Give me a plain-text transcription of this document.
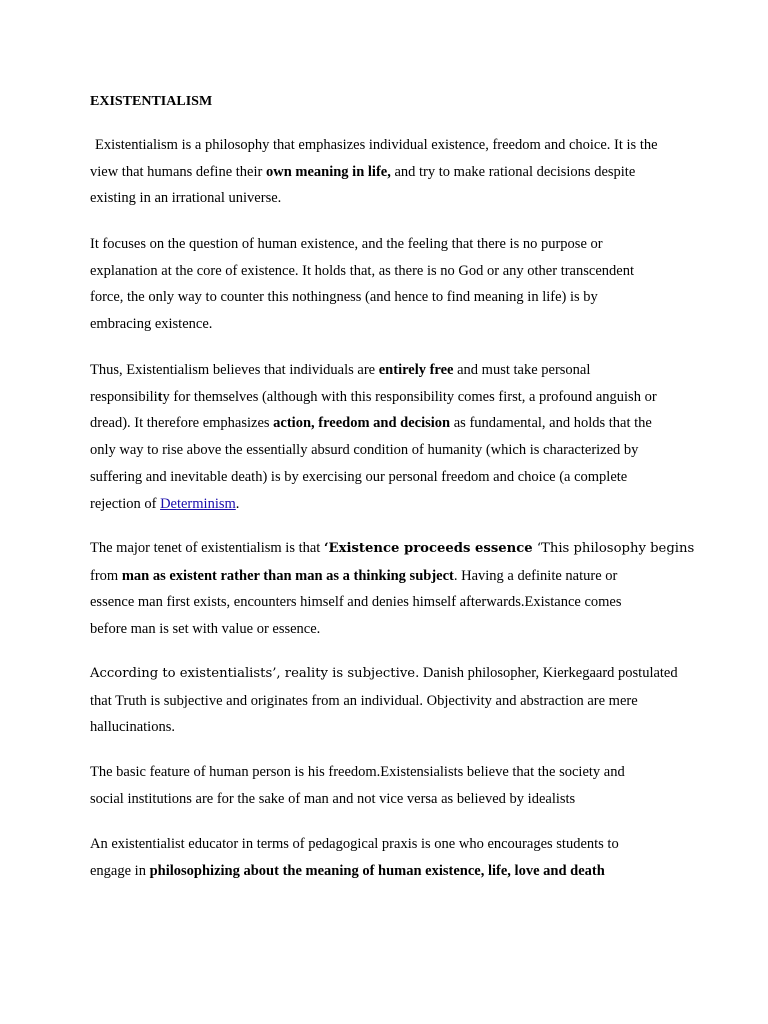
EXISTENTIALISM

Existentialism is a philosophy that emphasizes individual existence, freedom and choice. It is the
view that humans define their own meaning in life, and try to make rational decisions despite
existing in an irrational universe.

It focuses on the question of human existence, and the feeling that there is no purpose or
explanation at the core of existence. It holds that, as there is no God or any other transcendent
force, the only way to counter this nothingness (and hence to find meaning in life) is by
embracing existence.

Thus, Existentialism believes that individuals are entirely free and must take personal
responsibility for themselves (although with this responsibility comes first, a profound anguish or
dread). It therefore emphasizes action, freedom and decision as fundamental, and holds that the
only way to rise above the essentially absurd condition of humanity (which is characterized by
suffering and inevitable death) is by exercising our personal freedom and choice (a complete
rejection of Determinism.

The major tenet of existentialism is that ‘Existence proceeds essence ‘This philosophy begins
from man as existent rather than man as a thinking subject. Having a definite nature or
essence man first exists, encounters himself and denies himself afterwards.Existance comes
before man is set with value or essence.

According to existentialists’, reality is subjective. Danish philosopher, Kierkegaard postulated
that Truth is subjective and originates from an individual. Objectivity and abstraction are mere
hallucinations.

The basic feature of human person is his freedom.Existensialists believe that the society and
social institutions are for the sake of man and not vice versa as believed by idealists

An existentialist educator in terms of pedagogical praxis is one who encourages students to
engage in philosophizing about the meaning of human existence, life, love and death
